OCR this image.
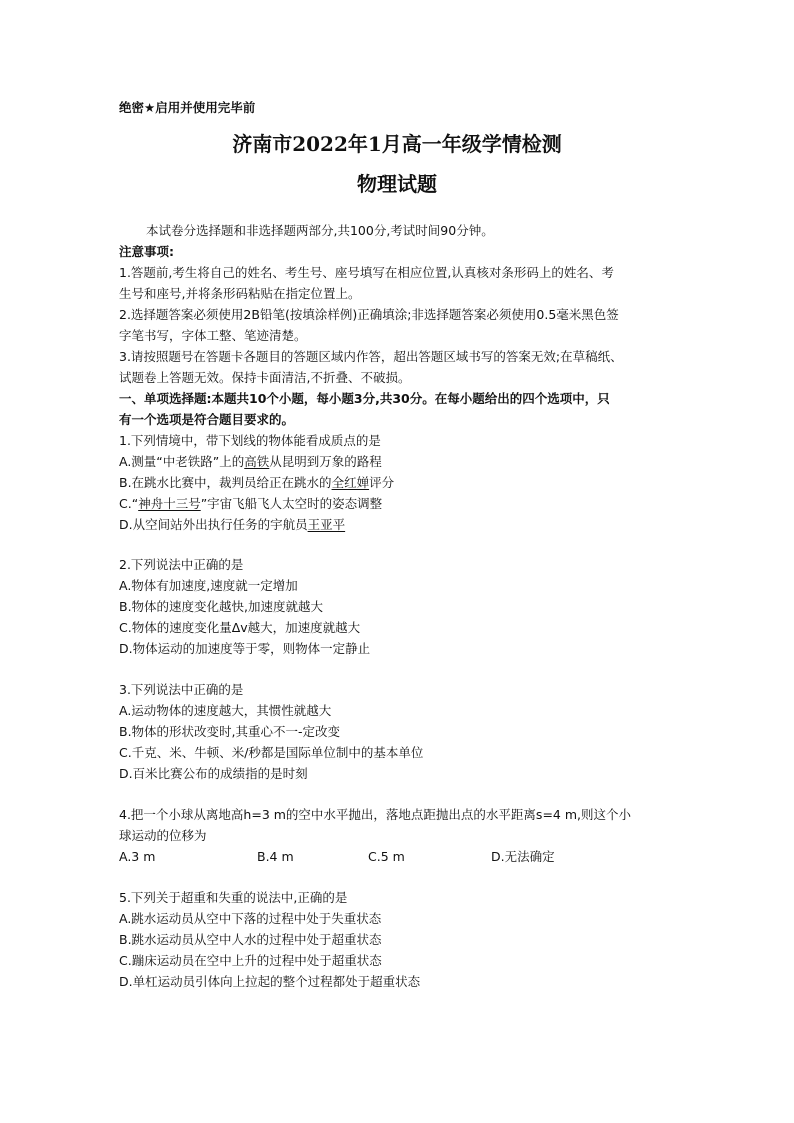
绝密★启用并使用完毕前
济南市2022年1月高一年级学情检测
物理试题
本试卷分选择题和非选择题两部分,共100分,考试时间90分钟。
注意事项:
1.答题前,考生将自己的姓名、考生号、座号填写在相应位置,认真核对条形码上的姓名、考
生号和座号,并将条形码粘贴在指定位置上。
2.选择题答案必须使用2B铅笔(按填涂样例)正确填涂;非选择题答案必须使用0.5毫米黑色签
字笔书写，字体工整、笔迹清楚。
3.请按照题号在答题卡各题目的答题区域内作答，超出答题区域书写的答案无效;在草稿纸、
试题卷上答题无效。保持卡面清洁,不折叠、不破损。
一、单项选择题:本题共10个小题，每小题3分,共30分。在每小题给出的四个选项中，只
有一个选项是符合题目要求的。
1.下列情境中，带下划线的物体能看成质点的是
A.测量“中老铁路”上的高铁从昆明到万象的路程
B.在跳水比赛中，裁判员给正在跳水的全红婵评分
C.“神舟十三号”宇宙飞船飞人太空时的姿态调整
D.从空间站外出执行任务的宇航员王亚平
2.下列说法中正确的是
A.物体有加速度,速度就一定增加
B.物体的速度变化越快,加速度就越大
C.物体的速度变化量Δv越大，加速度就越大
D.物体运动的加速度等于零，则物体一定静止
3.下列说法中正确的是
A.运动物体的速度越大，其惯性就越大
B.物体的形状改变时,其重心不一-定改变
C.千克、米、牛顿、米/秒都是国际单位制中的基本单位
D.百米比赛公布的成绩指的是时刻
4.把一个小球从离地高h=3 m的空中水平抛出，落地点距抛出点的水平距离s=4 m,则这个小
球运动的位移为
A.3 m	B.4 m	C.5 m	D.无法确定
5.下列关于超重和失重的说法中,正确的是
A.跳水运动员从空中下落的过程中处于失重状态
B.跳水运动员从空中人水的过程中处于超重状态
C.蹦床运动员在空中上升的过程中处于超重状态
D.单杠运动员引体向上拉起的整个过程都处于超重状态
